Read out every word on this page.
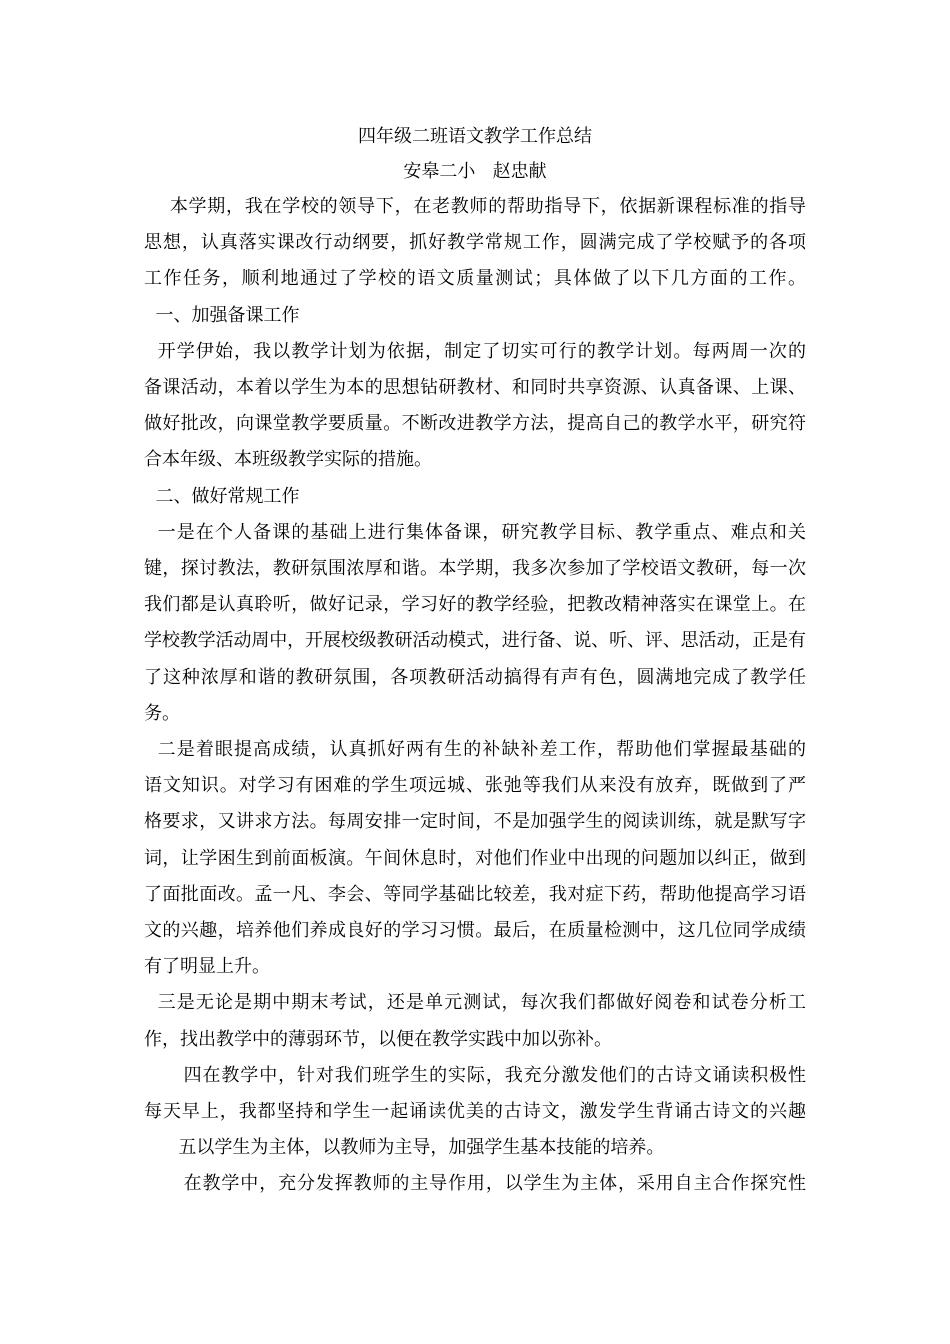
四年级二班语文教学工作总结
安皋二小   赵忠献
本学期，我在学校的领导下，在老教师的帮助指导下，依据新课程标准的指导
思想，认真落实课改行动纲要，抓好教学常规工作，圆满完成了学校赋予的各项
工作任务，顺利地通过了学校的语文质量测试；具体做了以下几方面的工作。
一、加强备课工作
开学伊始，我以教学计划为依据，制定了切实可行的教学计划。每两周一次的
备课活动，本着以学生为本的思想钻研教材、和同时共享资源、认真备课、上课、
做好批改，向课堂教学要质量。不断改进教学方法，提高自己的教学水平，研究符
合本年级、本班级教学实际的措施。
二、做好常规工作
一是在个人备课的基础上进行集体备课，研究教学目标、教学重点、难点和关
键，探讨教法，教研氛围浓厚和谐。本学期，我多次参加了学校语文教研，每一次
我们都是认真聆听，做好记录，学习好的教学经验，把教改精神落实在课堂上。在
学校教学活动周中，开展校级教研活动模式，进行备、说、听、评、思活动，正是有
了这种浓厚和谐的教研氛围，各项教研活动搞得有声有色，圆满地完成了教学任
务。
二是着眼提高成绩，认真抓好两有生的补缺补差工作，帮助他们掌握最基础的
语文知识。对学习有困难的学生项远城、张弛等我们从来没有放弃，既做到了严
格要求，又讲求方法。每周安排一定时间，不是加强学生的阅读训练，就是默写字
词，让学困生到前面板演。午间休息时，对他们作业中出现的问题加以纠正，做到
了面批面改。孟一凡、李会、等同学基础比较差，我对症下药，帮助他提高学习语
文的兴趣，培养他们养成良好的学习习惯。最后，在质量检测中，这几位同学成绩
有了明显上升。
三是无论是期中期末考试，还是单元测试，每次我们都做好阅卷和试卷分析工
作，找出教学中的薄弱环节，以便在教学实践中加以弥补。
四在教学中，针对我们班学生的实际，我充分激发他们的古诗文诵读积极性
每天早上，我都坚持和学生一起诵读优美的古诗文，激发学生背诵古诗文的兴趣
五以学生为主体，以教师为主导，加强学生基本技能的培养。
在教学中，充分发挥教师的主导作用，以学生为主体，采用自主合作探究性
